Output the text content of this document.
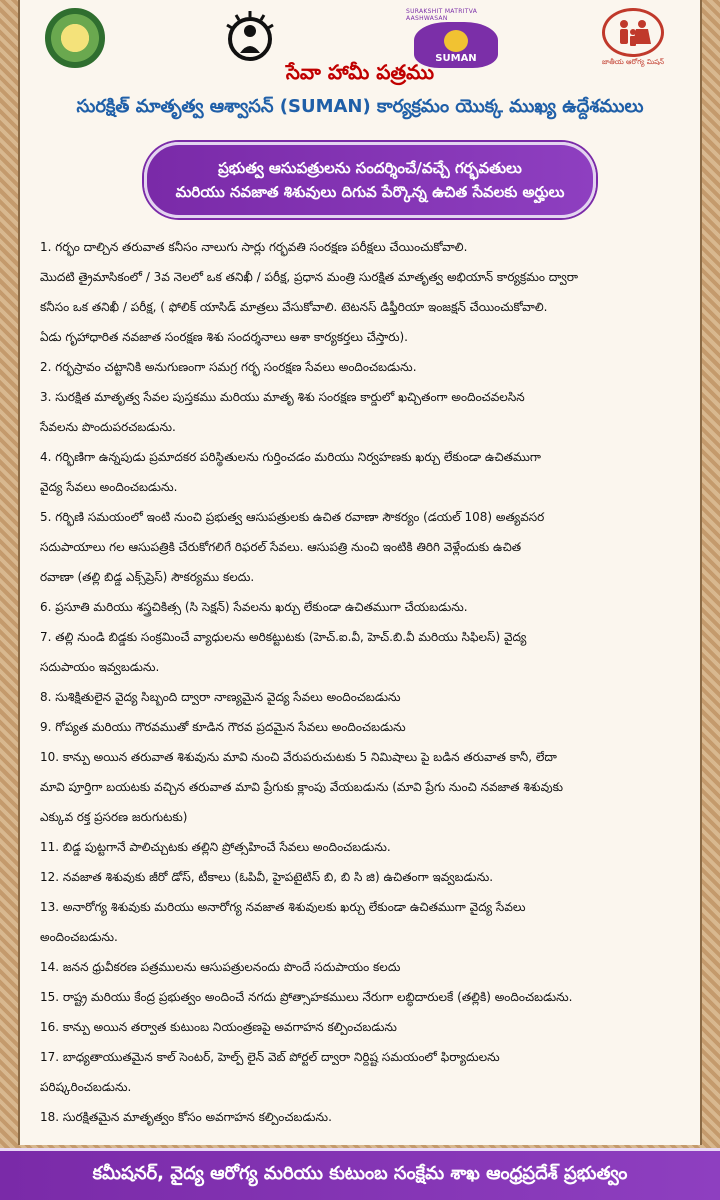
SURAKSHIT MATRITVA AASHWASAN
SUMAN	జాతీయ ఆరోగ్య మిషన్
సేవా హామీ పత్రము
సురక్షిత్ మాతృత్వ ఆశ్వాసన్ (SUMAN) కార్యక్రమం యొక్క ముఖ్య ఉద్దేశములు
ప్రభుత్వ ఆసుపత్రులను సందర్శించే/వచ్చే గర్భవతులు
మరియు నవజాత శిశువులు దిగువ పేర్కొన్న ఉచిత సేవలకు అర్హులు
1. గర్భం దాల్చిన తరువాత కనీసం నాలుగు సార్లు గర్భవతి సంరక్షణ పరీక్షలు చేయించుకోవాలి.
మొదటి త్రైమాసికంలో / 3వ నెలలో ఒక తనిఖీ / పరీక్ష, ప్రధాన మంత్రి సురక్షిత మాతృత్వ అభియాన్ కార్యక్రమం ద్వారా
కనీసం ఒక తనిఖీ / పరీక్ష, ( ఫోలిక్ యాసిడ్ మాత్రలు వేసుకోవాలి. టెటనస్ డిఫ్తీరియా ఇంజక్షన్ చేయించుకోవాలి.
ఏడు గృహాధారిత నవజాత సంరక్షణ శిశు సందర్శనాలు ఆశా కార్యకర్తలు చేస్తారు).
2. గర్భస్రావం చట్టానికి అనుగుణంగా సమగ్ర గర్భ సంరక్షణ సేవలు అందించబడును.
3. సురక్షిత మాతృత్వ సేవల పుస్తకము మరియు మాతృ శిశు సంరక్షణ కార్డులో ఖచ్చితంగా అందించవలసిన
సేవలను పొందుపరచబడును.
4. గర్భిణిగా ఉన్నపుడు ప్రమాదకర పరిస్థితులను గుర్తించడం మరియు నిర్వహణకు ఖర్చు లేకుండా ఉచితముగా
వైద్య సేవలు అందించబడును.
5. గర్భిణి సమయంలో ఇంటి నుంచి ప్రభుత్వ ఆసుపత్రులకు ఉచిత రవాణా సౌకర్యం (డయల్ 108) అత్యవసర
సదుపాయాలు గల ఆసుపత్రికి చేరుకోగలిగే రిఫరల్ సేవలు. ఆసుపత్రి నుంచి ఇంటికి తిరిగి వెళ్లేందుకు ఉచిత
రవాణా (తల్లి బిడ్డ ఎక్స్‌ప్రెస్) సౌకర్యము కలదు.
6. ప్రసూతి మరియు శస్త్రచికిత్స (సి సెక్షన్) సేవలను ఖర్చు లేకుండా ఉచితముగా చేయబడును.
7. తల్లి నుండి బిడ్డకు సంక్రమించే వ్యాధులను అరికట్టుటకు (హెచ్.ఐ.వీ, హెచ్.బి.వీ మరియు సిఫిలస్) వైద్య
సదుపాయం ఇవ్వబడును.
8. సుశిక్షితులైన వైద్య సిబ్బంది ద్వారా నాణ్యమైన వైద్య సేవలు అందించబడును
9. గోప్యత మరియు గౌరవముతో కూడిన గౌరవ ప్రదమైన సేవలు అందించబడును
10. కాన్పు అయిన తరువాత శిశువును మావి నుంచి వేరుపరుచుటకు 5 నిమిషాలు పై బడిన తరువాత కానీ, లేదా
మావి పూర్తిగా బయటకు వచ్చిన తరువాత మావి ప్రేగుకు క్లాంపు వేయబడును (మావి ప్రేగు నుంచి నవజాత శిశువుకు
ఎక్కువ రక్త ప్రసరణ జరుగుటకు)
11. బిడ్డ పుట్టగానే పాలిచ్చుటకు తల్లిని ప్రోత్సహించే సేవలు అందించబడును.
12. నవజాత శిశువుకు జీరో డోస్, టీకాలు (ఓపివీ, హైపటైటిస్ బి, బి సి జి) ఉచితంగా ఇవ్వబడును.
13. అనారోగ్య శిశువుకు మరియు అనారోగ్య నవజాత శిశువులకు ఖర్చు లేకుండా ఉచితముగా వైద్య సేవలు
అందించబడును.
14. జనన ధ్రువీకరణ పత్రములను ఆసుపత్రులనందు పొందే సదుపాయం కలదు
15. రాష్ట్ర మరియు కేంద్ర ప్రభుత్వం అందించే నగదు ప్రోత్సాహకములు నేరుగా లబ్ధిదారులకే (తల్లికి) అందించబడును.
16. కాన్పు అయిన తర్వాత కుటుంబ నియంత్రణపై అవగాహన కల్పించబడును
17. బాధ్యతాయుతమైన కాల్ సెంటర్, హెల్ప్ లైన్ వెబ్ పోర్టల్ ద్వారా నిర్దిష్ట సమయంలో ఫిర్యాదులను
పరిష్కరించబడును.
18. సురక్షితమైన మాతృత్వం కోసం అవగాహన కల్పించబడును.
కమీషనర్, వైద్య ఆరోగ్య మరియు కుటుంబ సంక్షేమ శాఖ ఆంధ్రప్రదేశ్ ప్రభుత్వం
